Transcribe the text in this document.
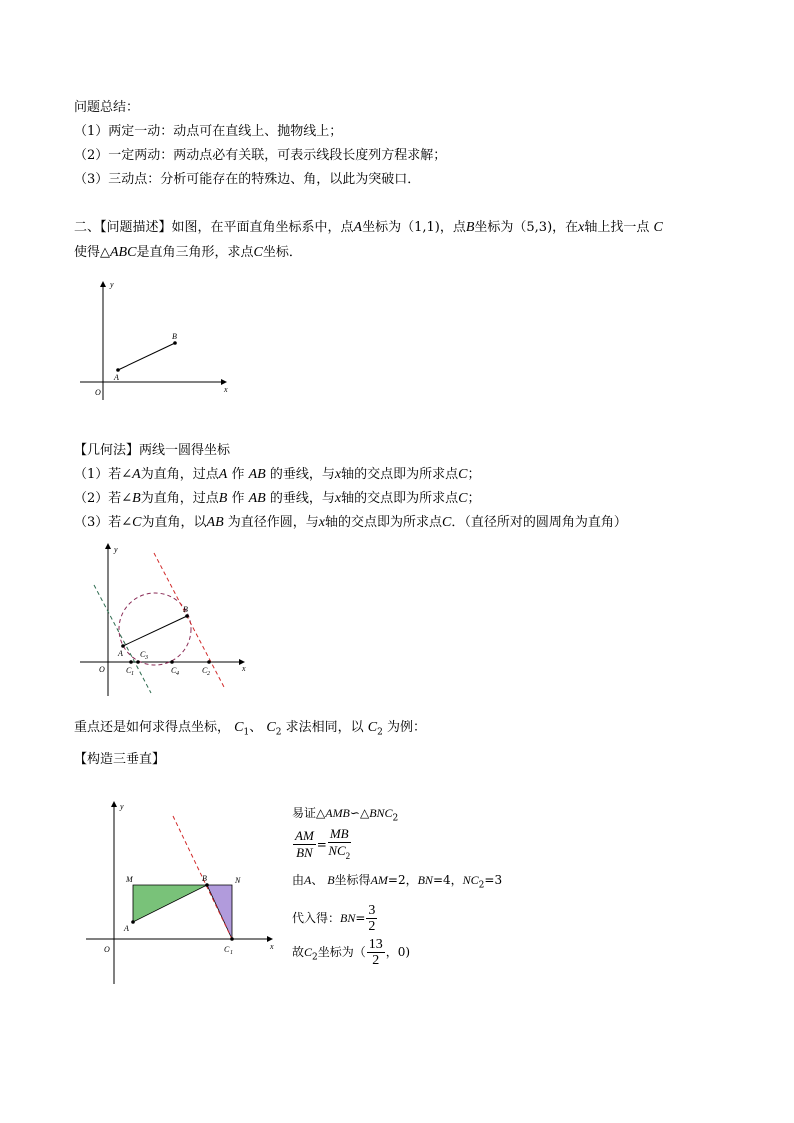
问题总结：
（1）两定一动：动点可在直线上、抛物线上；
（2）一定两动：两动点必有关联，可表示线段长度列方程求解；
（3）三动点：分析可能存在的特殊边、角，以此为突破口．
二、【问题描述】如图，在平面直角坐标系中，点A坐标为（1,1)，点B坐标为（5,3)，在x轴上找一点 C
使得△ABC是直角三角形，求点C坐标．
y
x
O
A
B
【几何法】两线一圆得坐标
（1）若∠A为直角，过点A 作 AB 的垂线，与x轴的交点即为所求点C；
（2）若∠B为直角，过点B 作 AB 的垂线，与x轴的交点即为所求点C；
（3）若∠C为直角，以AB 为直径作圆，与x轴的交点即为所求点C．（直径所对的圆周角为直角）
y
x
O
A
B
C 1
C 3
C 4	C 2
重点还是如何求得点坐标， $C_1$、 $C_2$ 求法相同，以 $C_2$ 为例：
【构造三垂直】
y
x
O
M	B	N
A
C 1
易证$\triangle AMB∽\triangle BNC_2$
$\frac{AM}{BN} = \frac{MB}{NC_2}$
由A、 B坐标得AM=2，BN=4，$NC_2=3$
代入得：$BN= \frac{3}{2}$
故$C_2$坐标为（ $\frac{13}{2}$ ，0)
